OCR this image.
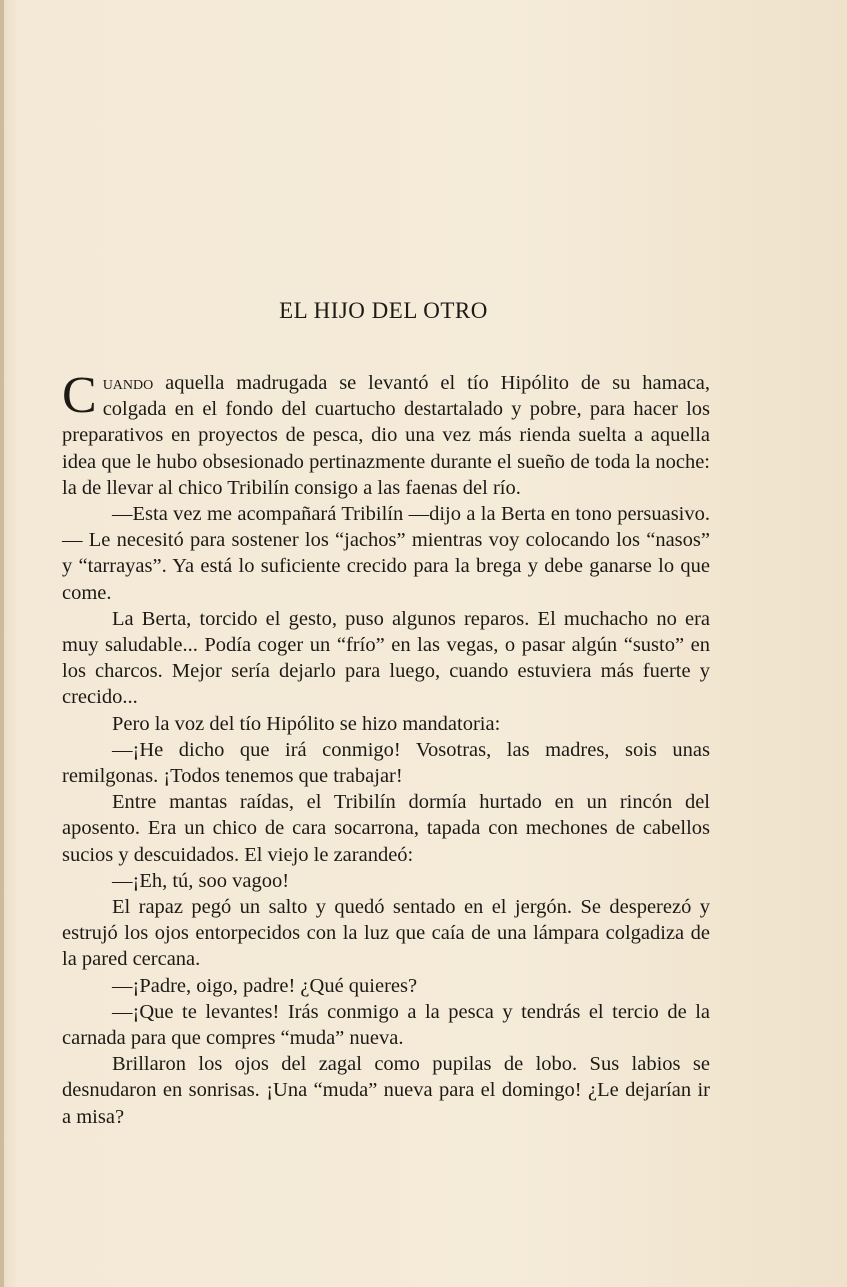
EL HIJO DEL OTRO

Cuando aquella madrugada se levantó el tío Hipólito de su hamaca, colgada en el fondo del cuartucho destartalado y pobre, para hacer los preparativos en proyectos de pesca, dio una vez más rienda suelta a aquella idea que le hubo obsesionado pertinazmente durante el sueño de toda la noche: la de llevar al chico Tribilín consigo a las faenas del río.

—Esta vez me acompañará Tribilín —dijo a la Berta en tono persuasivo.— Le necesitó para sostener los “jachos” mientras voy colocando los “nasos” y “tarrayas”. Ya está lo suficiente crecido para la brega y debe ganarse lo que come.

La Berta, torcido el gesto, puso algunos reparos. El muchacho no era muy saludable... Podía coger un “frío” en las vegas, o pasar algún “susto” en los charcos. Mejor sería dejarlo para luego, cuando estuviera más fuerte y crecido...

Pero la voz del tío Hipólito se hizo mandatoria:

—¡He dicho que irá conmigo! Vosotras, las madres, sois unas remilgonas. ¡Todos tenemos que trabajar!

Entre mantas raídas, el Tribilín dormía hurtado en un rincón del aposento. Era un chico de cara socarrona, tapada con mechones de cabellos sucios y descuidados. El viejo le zarandeó:

—¡Eh, tú, soo vagoo!

El rapaz pegó un salto y quedó sentado en el jergón. Se desperezó y estrujó los ojos entorpecidos con la luz que caía de una lámpara colgadiza de la pared cercana.

—¡Padre, oigo, padre! ¿Qué quieres?

—¡Que te levantes! Irás conmigo a la pesca y tendrás el tercio de la carnada para que compres “muda” nueva.

Brillaron los ojos del zagal como pupilas de lobo. Sus labios se desnudaron en sonrisas. ¡Una “muda” nueva para el domingo! ¿Le dejarían ir a misa?
